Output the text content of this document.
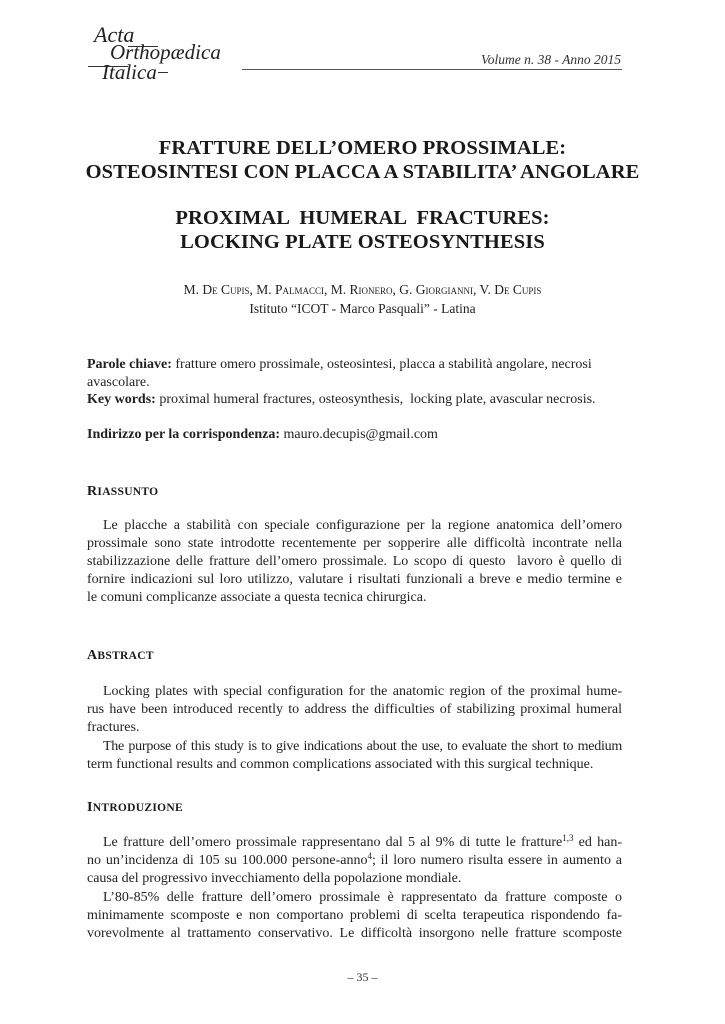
Acta
Orthopædica
Italica
Volume n. 38 - Anno 2015
FRATTURE DELL’OMERO PROSSIMALE:
OSTEOSINTESI CON PLACCA A STABILITA’ ANGOLARE
PROXIMAL  HUMERAL  FRACTURES:
LOCKING PLATE OSTEOSYNTHESIS
M. De Cupis, M. Palmacci, M. Rionero, G. Giorgianni, V. De Cupis
Istituto “ICOT - Marco Pasquali” - Latina
Parole chiave: fratture omero prossimale, osteosintesi, placca a stabilità angolare, necrosi
avascolare.
Key words: proximal humeral fractures, osteosynthesis,  locking plate, avascular necrosis.
Indirizzo per la corrispondenza: mauro.decupis@gmail.com
RIASSUNTO
Le placche a stabilità con speciale configurazione per la regione anatomica dell’omero
prossimale sono state introdotte recentemente per sopperire alle difficoltà incontrate nella
stabilizzazione delle fratture dell’omero prossimale. Lo scopo di questo  lavoro è quello di
fornire indicazioni sul loro utilizzo, valutare i risultati funzionali a breve e medio termine e
le comuni complicanze associate a questa tecnica chirurgica.
ABSTRACT
Locking plates with special configuration for the anatomic region of the proximal hume-
rus have been introduced recently to address the difficulties of stabilizing proximal humeral
fractures.
The purpose of this study is to give indications about the use, to evaluate the short to medium
term functional results and common complications associated with this surgical technique.
INTRODUZIONE
Le fratture dell’omero prossimale rappresentano dal 5 al 9% di tutte le fratture$^{1,3}$ ed han-
no un’incidenza di 105 su 100.000 persone-anno$^4$; il loro numero risulta essere in aumento a
causa del progressivo invecchiamento della popolazione mondiale.
L’80-85% delle fratture dell’omero prossimale è rappresentato da fratture composte o
minimamente scomposte e non comportano problemi di scelta terapeutica rispondendo fa-
vorevolmente al trattamento conservativo. Le difficoltà insorgono nelle fratture scomposte
– 35 –
